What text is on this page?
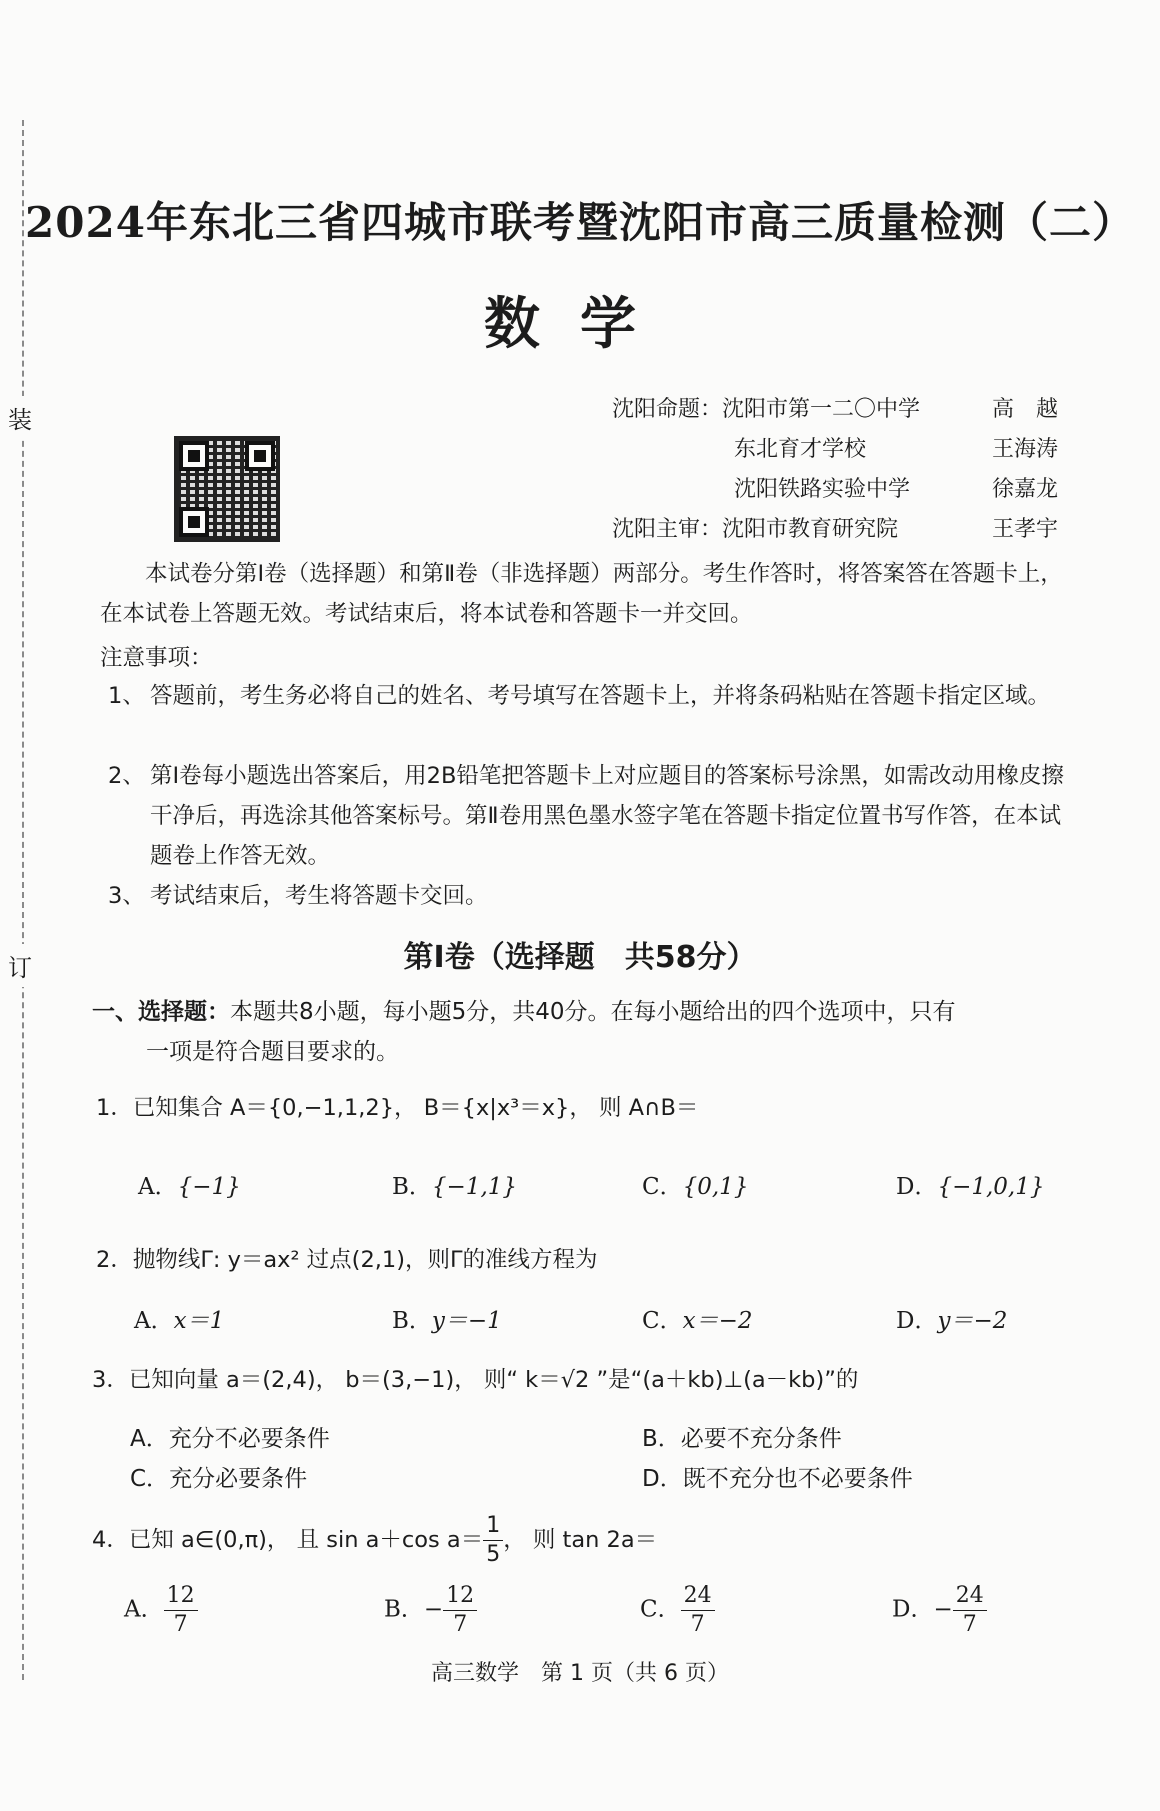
装
订
2024年东北三省四城市联考暨沈阳市高三质量检测（二）
数学
沈阳命题：沈阳市第一二〇中学	高　越
东北育才学校	王海涛
沈阳铁路实验中学	徐嘉龙
沈阳主审：沈阳市教育研究院	王孝宇
本试卷分第Ⅰ卷（选择题）和第Ⅱ卷（非选择题）两部分。考生作答时，将答案答在答题卡上，在本试卷上答题无效。考试结束后，将本试卷和答题卡一并交回。
注意事项：
1、 答题前，考生务必将自己的姓名、考号填写在答题卡上，并将条码粘贴在答题卡指定区域。
2、 第Ⅰ卷每小题选出答案后，用2B铅笔把答题卡上对应题目的答案标号涂黑，如需改动用橡皮擦干净后，再选涂其他答案标号。第Ⅱ卷用黑色墨水签字笔在答题卡指定位置书写作答，在本试题卷上作答无效。
3、 考试结束后，考生将答题卡交回。
第Ⅰ卷（选择题　共58分）
一、选择题：本题共8小题，每小题5分，共40分。在每小题给出的四个选项中，只有
一项是符合题目要求的。
1．已知集合 A＝{0,−1,1,2}， B＝{x|x³＝x}， 则 A∩B＝
A．{−1}	B．{−1,1}	C．{0,1}	D．{−1,0,1}
2．抛物线Γ: y＝ax² 过点(2,1)，则Γ的准线方程为
A．x＝1	B．y＝−1	C．x＝−2	D．y＝−2
3．已知向量 a＝(2,4)， b＝(3,−1)， 则“ k＝√2 ”是“(a＋kb)⊥(a－kb)”的
A．充分不必要条件	B．必要不充分条件
C．充分必要条件	D．既不充分也不必要条件
4．已知 a∈(0,π)， 且 sin a＋cos $a= \frac{1}{5}$ ， 则 tan 2a＝
A． $\frac{12}{7}$	B．− $\frac{12}{7}$	C． $\frac{24}{7}$	D．− $\frac{24}{7}$
高三数学　第 1 页（共 6 页）
